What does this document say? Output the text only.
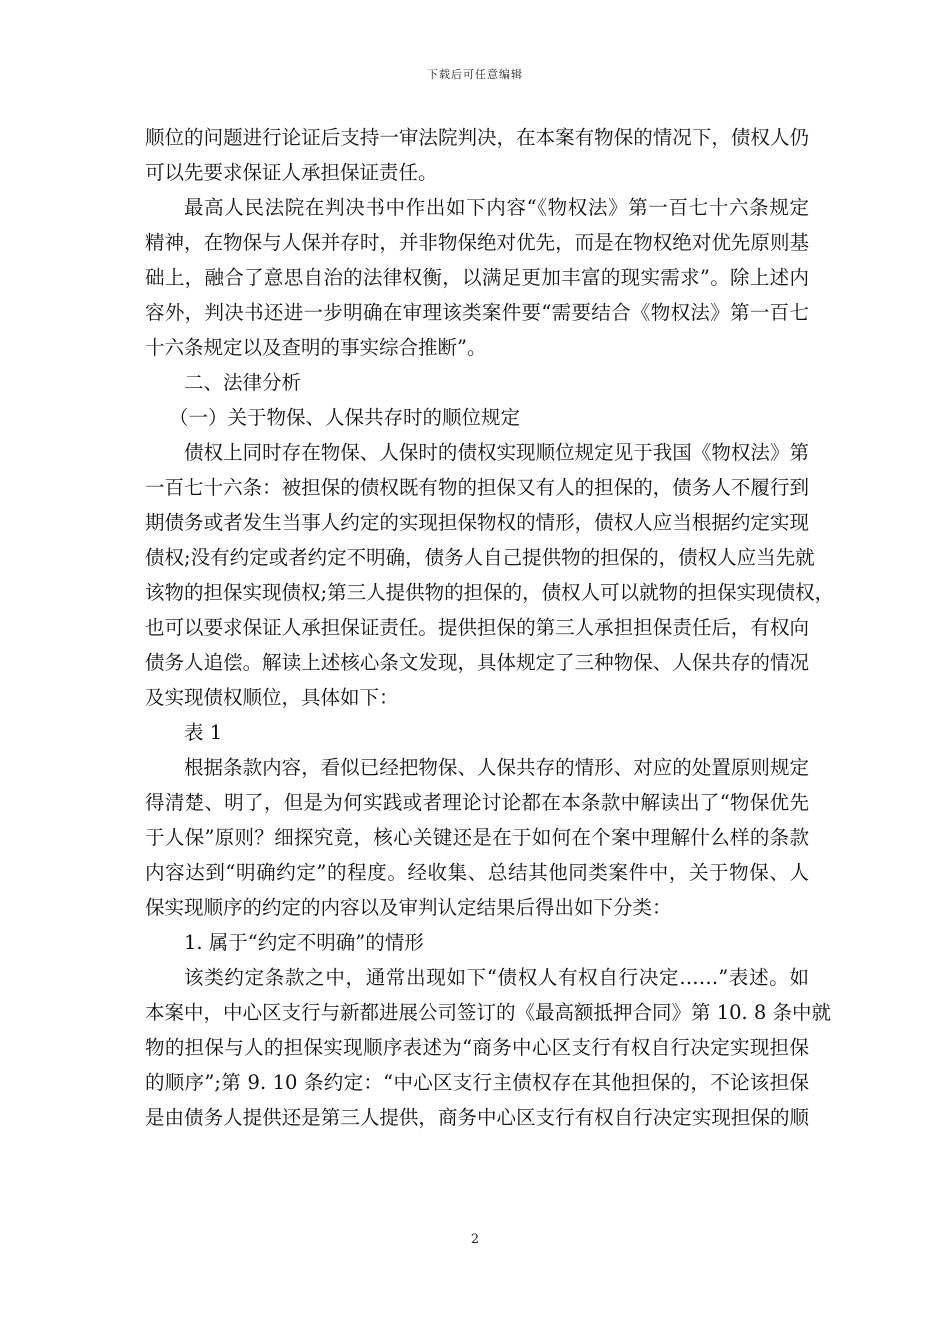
下载后可任意编辑
顺位的问题进行论证后支持一审法院判决，在本案有物保的情况下，债权人仍
可以先要求保证人承担保证责任。
最高人民法院在判决书中作出如下内容“《物权法》第一百七十六条规定
精神，在物保与人保并存时，并非物保绝对优先，而是在物权绝对优先原则基
础上，融合了意思自治的法律权衡，以满足更加丰富的现实需求”。除上述内
容外，判决书还进一步明确在审理该类案件要“需要结合《物权法》第一百七
十六条规定以及查明的事实综合推断”。
二、法律分析
（一）关于物保、人保共存时的顺位规定
债权上同时存在物保、人保时的债权实现顺位规定见于我国《物权法》第
一百七十六条：被担保的债权既有物的担保又有人的担保的，债务人不履行到
期债务或者发生当事人约定的实现担保物权的情形，债权人应当根据约定实现
债权;没有约定或者约定不明确，债务人自己提供物的担保的，债权人应当先就
该物的担保实现债权;第三人提供物的担保的，债权人可以就物的担保实现债权，
也可以要求保证人承担保证责任。提供担保的第三人承担担保责任后，有权向
债务人追偿。解读上述核心条文发现，具体规定了三种物保、人保共存的情况
及实现债权顺位，具体如下：
表 1
根据条款内容，看似已经把物保、人保共存的情形、对应的处置原则规定
得清楚、明了，但是为何实践或者理论讨论都在本条款中解读出了“物保优先
于人保”原则？细探究竟，核心关键还是在于如何在个案中理解什么样的条款
内容达到“明确约定”的程度。经收集、总结其他同类案件中，关于物保、人
保实现顺序的约定的内容以及审判认定结果后得出如下分类：
1. 属于“约定不明确”的情形
该类约定条款之中，通常出现如下“债权人有权自行决定……”表述。如
本案中，中心区支行与新都进展公司签订的《最高额抵押合同》第 10. 8 条中就
物的担保与人的担保实现顺序表述为“商务中心区支行有权自行决定实现担保
的顺序”;第 9. 10 条约定：“中心区支行主债权存在其他担保的，不论该担保
是由债务人提供还是第三人提供，商务中心区支行有权自行决定实现担保的顺
2
